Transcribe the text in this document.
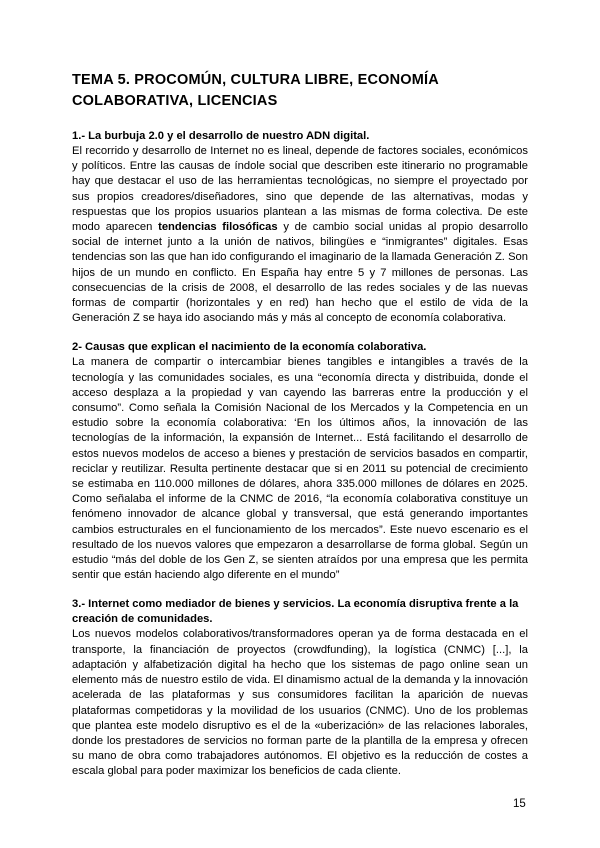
TEMA 5. PROCOMÚN, CULTURA LIBRE, ECONOMÍA COLABORATIVA, LICENCIAS
1.- La burbuja 2.0 y el desarrollo de nuestro ADN digital.

El recorrido y desarrollo de Internet no es lineal, depende de factores sociales, económicos y políticos. Entre las causas de índole social que describen este itinerario no programable hay que destacar el uso de las herramientas tecnológicas, no siempre el proyectado por sus propios creadores/diseñadores, sino que depende de las alternativas, modas y respuestas que los propios usuarios plantean a las mismas de forma colectiva. De este modo aparecen tendencias filosóficas y de cambio social unidas al propio desarrollo social de internet junto a la unión de nativos, bilingües e “inmigrantes” digitales. Esas tendencias son las que han ido configurando el imaginario de la llamada Generación Z. Son hijos de un mundo en conflicto. En España hay entre 5 y 7 millones de personas. Las consecuencias de la crisis de 2008, el desarrollo de las redes sociales y de las nuevas formas de compartir (horizontales y en red) han hecho que el estilo de vida de la Generación Z se haya ido asociando más y más al concepto de economía colaborativa.

2- Causas que explican el nacimiento de la economía colaborativa.

La manera de compartir o intercambiar bienes tangibles e intangibles a través de la tecnología y las comunidades sociales, es una “economía directa y distribuida, donde el acceso desplaza a la propiedad y van cayendo las barreras entre la producción y el consumo”. Como señala la Comisión Nacional de los Mercados y la Competencia en un estudio sobre la economía colaborativa: ‘En los últimos años, la innovación de las tecnologías de la información, la expansión de Internet... Está facilitando el desarrollo de estos nuevos modelos de acceso a bienes y prestación de servicios basados en compartir, reciclar y reutilizar. Resulta pertinente destacar que si en 2011 su potencial de crecimiento se estimaba en 110.000 millones de dólares, ahora 335.000 millones de dólares en 2025. Como señalaba el informe de la CNMC de 2016, “la economía colaborativa constituye un fenómeno innovador de alcance global y transversal, que está generando importantes cambios estructurales en el funcionamiento de los mercados”. Este nuevo escenario es el resultado de los nuevos valores que empezaron a desarrollarse de forma global. Según un estudio “más del doble de los Gen Z, se sienten atraídos por una empresa que les permita sentir que están haciendo algo diferente en el mundo”

3.- Internet como mediador de bienes y servicios. La economía disruptiva frente a la creación de comunidades.

Los nuevos modelos colaborativos/transformadores operan ya de forma destacada en el transporte, la financiación de proyectos (crowdfunding), la logística (CNMC) [...], la adaptación y alfabetización digital ha hecho que los sistemas de pago online sean un elemento más de nuestro estilo de vida. El dinamismo actual de la demanda y la innovación acelerada de las plataformas y sus consumidores facilitan la aparición de nuevas plataformas competidoras y la movilidad de los usuarios (CNMC). Uno de los problemas que plantea este modelo disruptivo es el de la «uberización» de las relaciones laborales, donde los prestadores de servicios no forman parte de la plantilla de la empresa y ofrecen su mano de obra como trabajadores autónomos. El objetivo es la reducción de costes a escala global para poder maximizar los beneficios de cada cliente.

15
